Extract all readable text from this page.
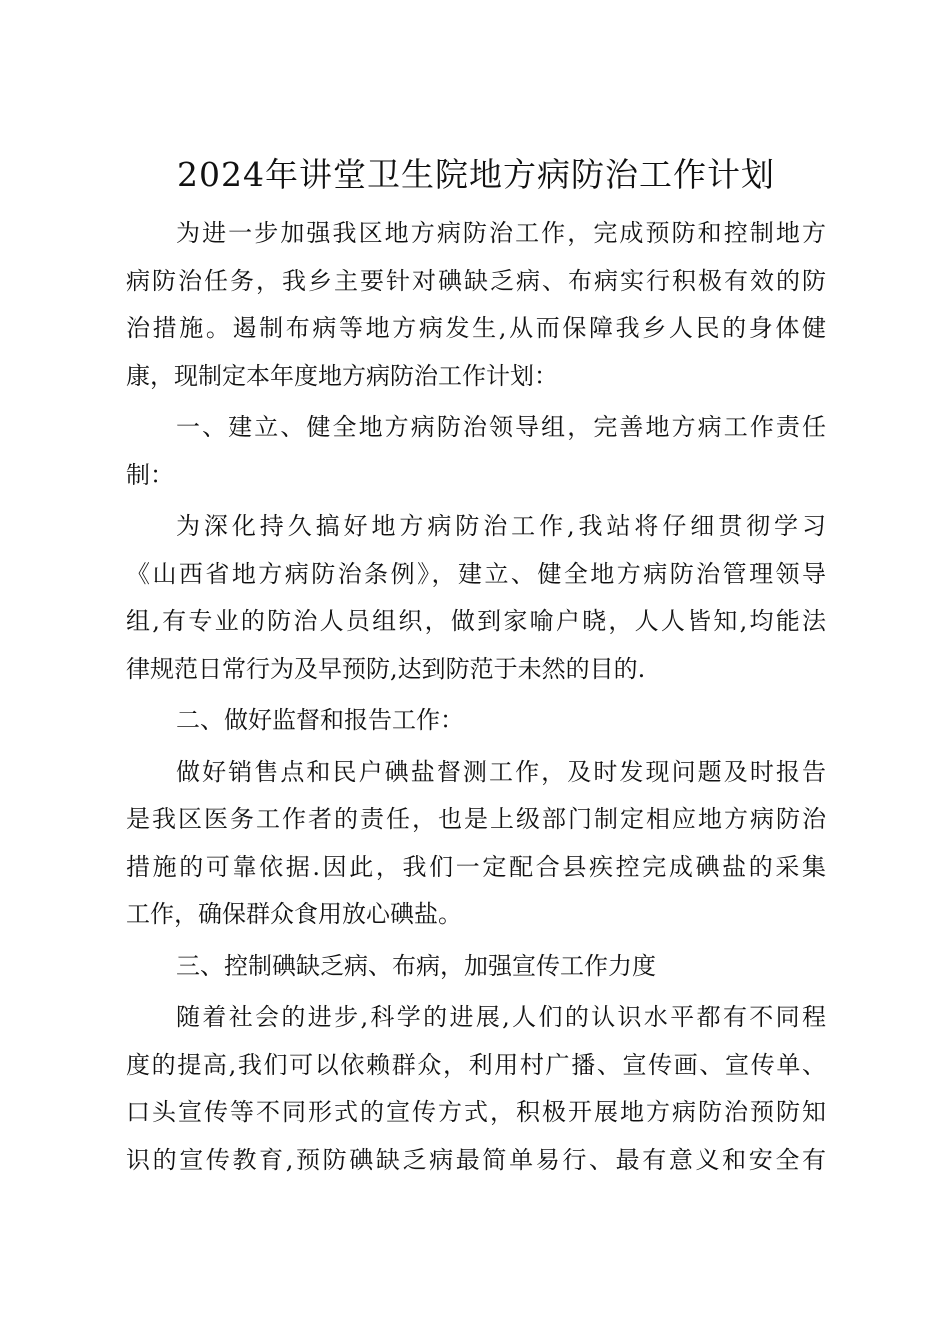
2024年讲堂卫生院地方病防治工作计划
为进一步加强我区地方病防治工作，完成预防和控制地方
病防治任务，我乡主要针对碘缺乏病、布病实行积极有效的防
治措施。遏制布病等地方病发生,从而保障我乡人民的身体健
康，现制定本年度地方病防治工作计划：
一、建立、健全地方病防治领导组，完善地方病工作责任
制：
为深化持久搞好地方病防治工作,我站将仔细贯彻学习
《山西省地方病防治条例》，建立、健全地方病防治管理领导
组,有专业的防治人员组织，做到家喻户晓，人人皆知,均能法
律规范日常行为及早预防,达到防范于未然的目的.
二、做好监督和报告工作：
做好销售点和民户碘盐督测工作，及时发现问题及时报告
是我区医务工作者的责任，也是上级部门制定相应地方病防治
措施的可靠依据.因此，我们一定配合县疾控完成碘盐的采集
工作，确保群众食用放心碘盐。
三、控制碘缺乏病、布病，加强宣传工作力度
随着社会的进步,科学的进展,人们的认识水平都有不同程
度的提高,我们可以依赖群众，利用村广播、宣传画、宣传单、
口头宣传等不同形式的宣传方式，积极开展地方病防治预防知
识的宣传教育,预防碘缺乏病最简单易行、最有意义和安全有
